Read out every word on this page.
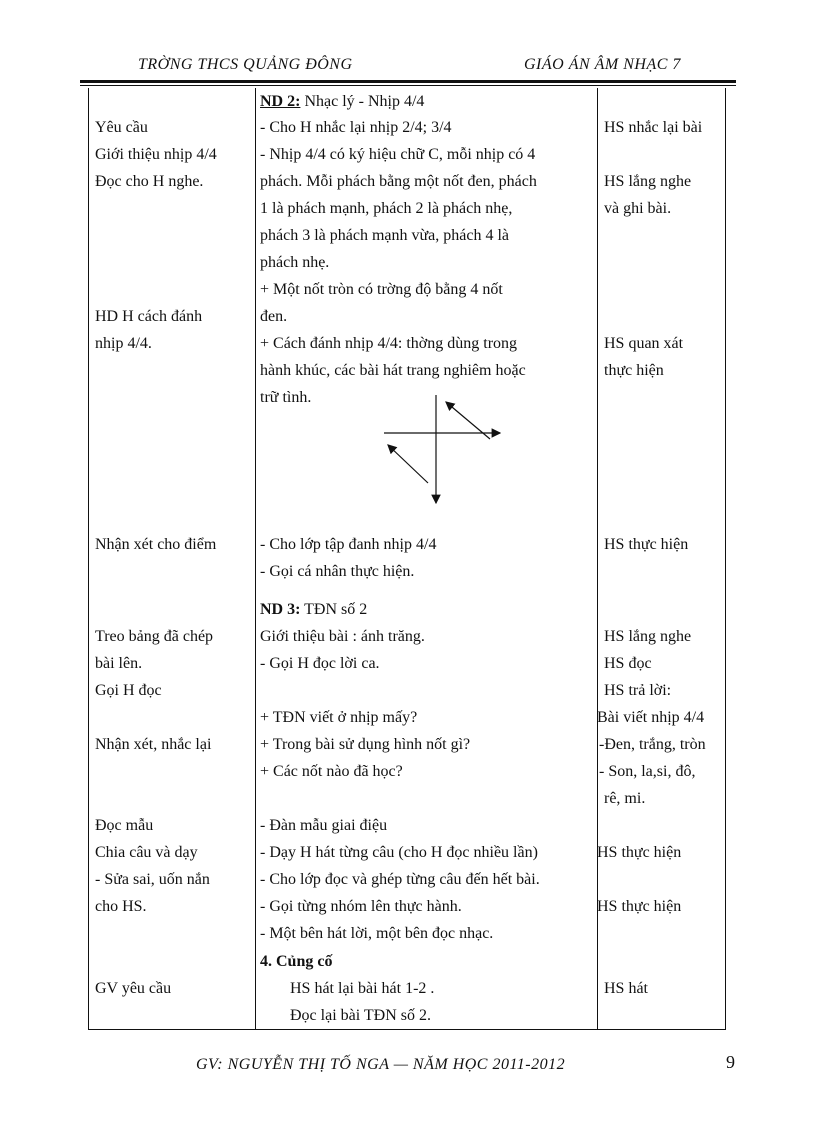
TRỜNG THCS QUẢNG ĐÔNG	GIÁO ÁN ÂM NHẠC 7
Yêu cầu
Giới thiệu nhịp 4/4
Đọc cho H nghe.
HD H cách đánh
nhịp 4/4.
Nhận xét cho điểm
Treo bảng đã chép
bài lên.
Gọi H đọc
Nhận xét, nhắc lại
Đọc mẫu
Chia câu và dạy
- Sửa sai, uốn nắn
cho HS.
GV yêu cầu
ND 2: Nhạc lý - Nhịp 4/4
- Cho H nhắc lại nhịp 2/4; 3/4
- Nhịp 4/4 có ký hiệu chữ C, mỗi nhịp có 4
phách. Mỗi phách bằng một nốt đen, phách
1 là phách mạnh, phách 2 là phách nhẹ,
phách 3 là phách mạnh vừa, phách 4 là
phách nhẹ.
+ Một nốt tròn có trờng độ bằng 4 nốt
đen.
+ Cách đánh nhịp 4/4: thờng dùng trong
hành khúc, các bài hát trang nghiêm hoặc
trữ tình.
- Cho lớp tập đanh nhịp 4/4
- Gọi cá nhân thực hiện.
ND 3: TĐN số 2
Giới thiệu bài : ánh trăng.
- Gọi H đọc lời ca.
+ TĐN viết ở nhịp mấy?
+ Trong bài sử dụng hình nốt gì?
+ Các nốt nào đã học?
- Đàn mẫu giai điệu
- Dạy H hát từng câu (cho H đọc nhiều lần)
- Cho lớp đọc và ghép từng câu đến hết bài.
- Gọi từng nhóm lên thực hành.
- Một bên hát lời, một bên đọc nhạc.
4. Củng cố
HS hát lại bài hát 1-2 .
Đọc lại bài TĐN số 2.
HS nhắc lại bài
HS lắng nghe
và ghi bài.
HS quan xát
thực hiện
HS thực hiện
HS lắng nghe
HS đọc
HS trả lời:
Bài viết nhịp 4/4
-Đen, trắng, tròn
- Son, la,si, đô,
rê, mi.
HS thực hiện
HS thực hiện
HS hát
GV: NGUYỄN THỊ TỐ NGA — NĂM HỌC 2011-2012	9
